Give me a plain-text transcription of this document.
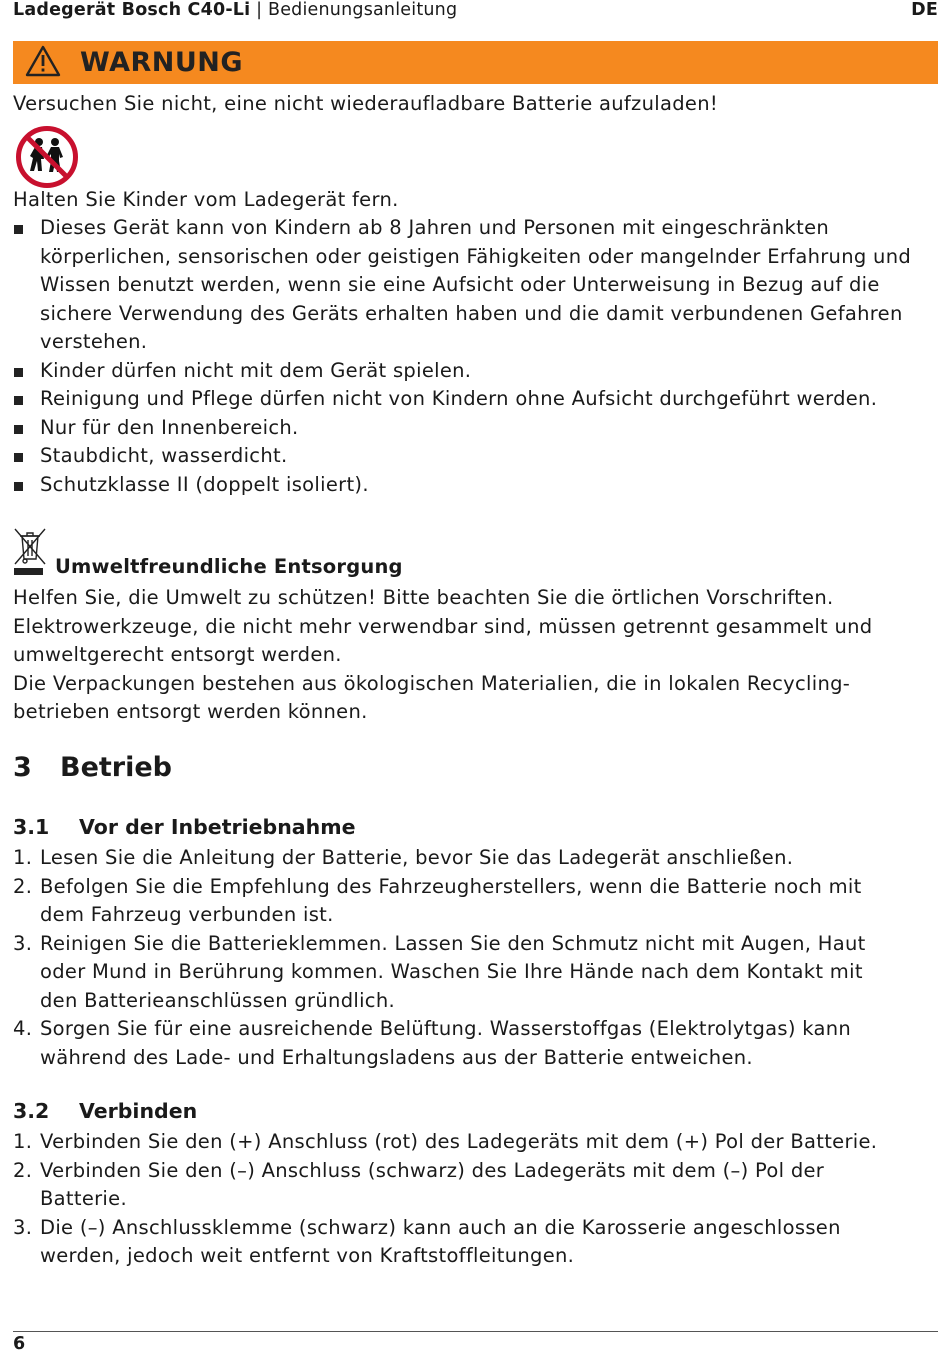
Ladegerät Bosch C40-Li | Bedienungsanleitung	DE
WARNUNG
Versuchen Sie nicht, eine nicht wiederaufladbare Batterie aufzuladen!
Halten Sie Kinder vom Ladegerät fern.
Dieses Gerät kann von Kindern ab 8 Jahren und Personen mit eingeschränkten
körperlichen, sensorischen oder geistigen Fähigkeiten oder mangelnder Erfahrung und
Wissen benutzt werden, wenn sie eine Aufsicht oder Unterweisung in Bezug auf die
sichere Verwendung des Geräts erhalten haben und die damit verbundenen Gefahren
verstehen.
Kinder dürfen nicht mit dem Gerät spielen.
Reinigung und Pflege dürfen nicht von Kindern ohne Aufsicht durchgeführt werden.
Nur für den Innenbereich.
Staubdicht, wasserdicht.
Schutzklasse II (doppelt isoliert).
Umweltfreundliche Entsorgung
Helfen Sie, die Umwelt zu schützen! Bitte beachten Sie die örtlichen Vorschriften.
Elektrowerkzeuge, die nicht mehr verwendbar sind, müssen getrennt gesammelt und
umweltgerecht entsorgt werden.
Die Verpackungen bestehen aus ökologischen Materialien, die in lokalen Recycling-
betrieben entsorgt werden können.
3 Betrieb
3.1 Vor der Inbetriebnahme
1. Lesen Sie die Anleitung der Batterie, bevor Sie das Ladegerät anschließen.
2. Befolgen Sie die Empfehlung des Fahrzeugherstellers, wenn die Batterie noch mit
dem Fahrzeug verbunden ist.
3. Reinigen Sie die Batterieklemmen. Lassen Sie den Schmutz nicht mit Augen, Haut
oder Mund in Berührung kommen. Waschen Sie Ihre Hände nach dem Kontakt mit
den Batterieanschlüssen gründlich.
4. Sorgen Sie für eine ausreichende Belüftung. Wasserstoffgas (Elektrolytgas) kann
während des Lade- und Erhaltungsladens aus der Batterie entweichen.
3.2 Verbinden
1. Verbinden Sie den (+) Anschluss (rot) des Ladegeräts mit dem (+) Pol der Batterie.
2. Verbinden Sie den (–) Anschluss (schwarz) des Ladegeräts mit dem (–) Pol der
Batterie.
3. Die (–) Anschlussklemme (schwarz) kann auch an die Karosserie angeschlossen
werden, jedoch weit entfernt von Kraftstoffleitungen.
6
